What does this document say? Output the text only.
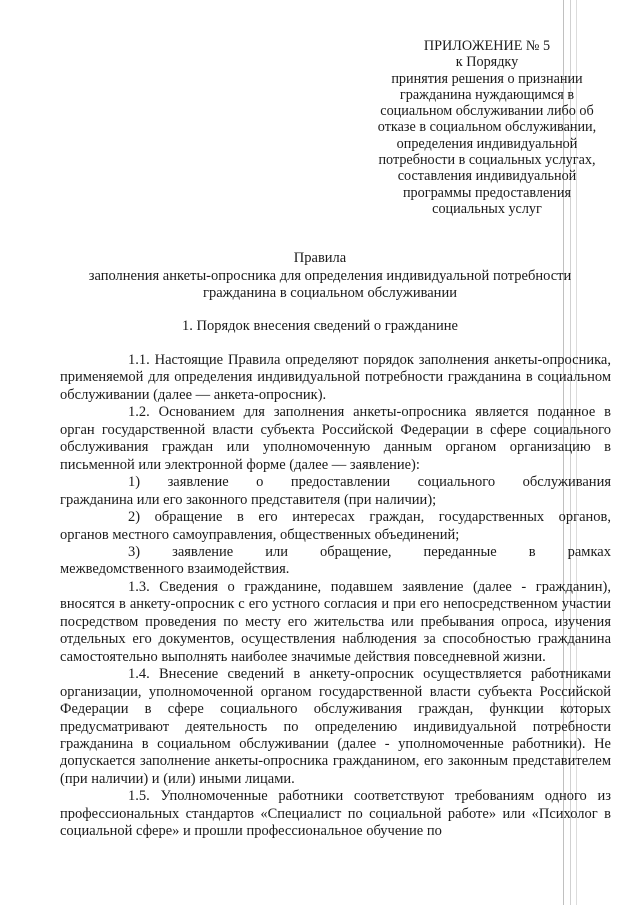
ПРИЛОЖЕНИЕ № 5
к Порядку
принятия решения о признании
гражданина нуждающимся в
социальном обслуживании либо об
отказе в социальном обслуживании,
определения индивидуальной
потребности в социальных услугах,
составления индивидуальной
программы предоставления
социальных услуг
Правила
заполнения анкеты-опросника для определения индивидуальной потребности
гражданина в социальном обслуживании
1. Порядок внесения сведений о гражданине

1.1. Настоящие Правила определяют порядок заполнения анкеты-опросника, применяемой для определения индивидуальной потребности гражданина в социальном обслуживании (далее — анкета-опросник).

1.2. Основанием для заполнения анкеты-опросника является поданное в орган государственной власти субъекта Российской Федерации в сфере социального обслуживания граждан или уполномоченную данным органом организацию в письменной или электронной форме (далее — заявление):

1) заявление о предоставлении социального обслуживания

гражданина или его законного представителя (при наличии);

2) обращение в его интересах граждан, государственных органов,

органов местного самоуправления, общественных объединений;

3) заявление или обращение, переданные в рамках

межведомственного взаимодействия.

1.3. Сведения о гражданине, подавшем заявление (далее - гражданин), вносятся в анкету-опросник с его устного согласия и при его непосредственном участии посредством проведения по месту его жительства или пребывания опроса, изучения отдельных его документов, осуществления наблюдения за способностью гражданина самостоятельно выполнять наиболее значимые действия повседневной жизни.

1.4. Внесение сведений в анкету-опросник осуществляется работниками организации, уполномоченной органом государственной власти субъекта Российской Федерации в сфере социального обслуживания граждан, функции которых предусматривают деятельность по определению индивидуальной потребности гражданина в социальном обслуживании (далее - уполномоченные работники). Не допускается заполнение анкеты-опросника гражданином, его законным представителем (при наличии) и (или) иными лицами.

1.5. Уполномоченные работники соответствуют требованиям одного из профессиональных стандартов «Специалист по социальной работе» или «Психолог в социальной сфере» и прошли профессиональное обучение по
